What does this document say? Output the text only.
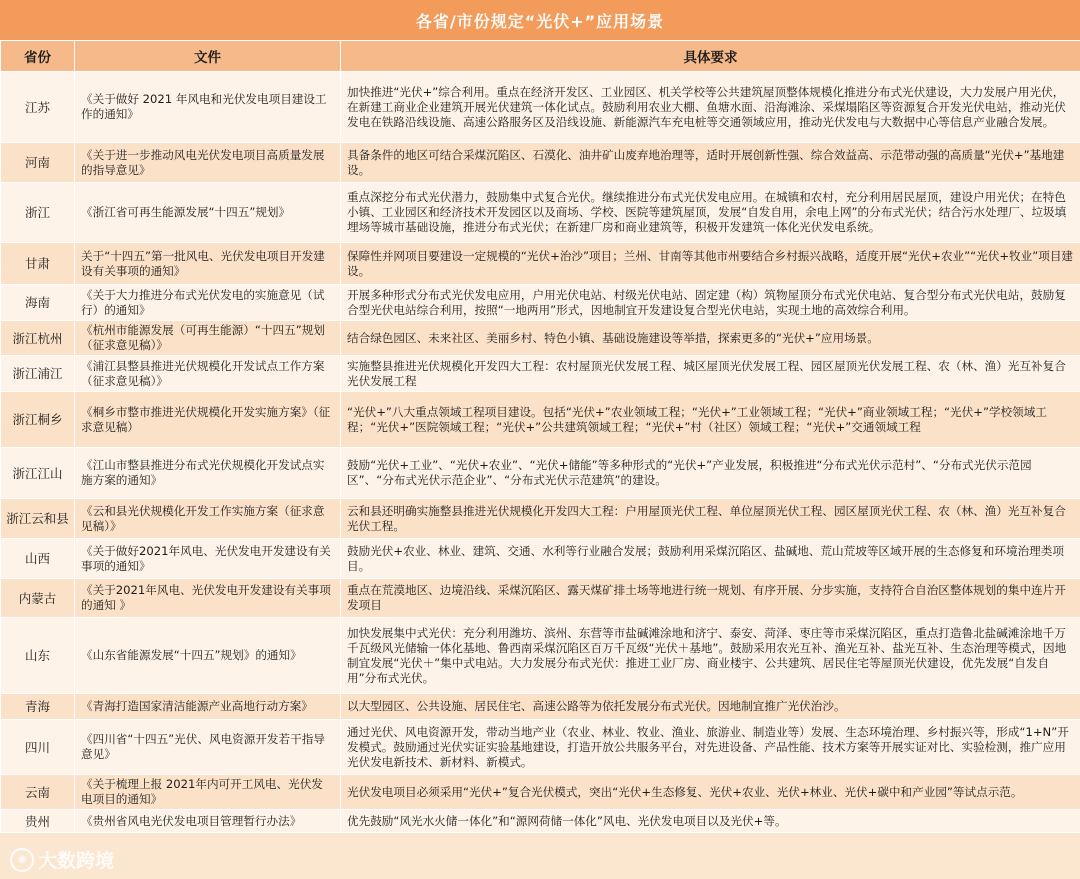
各省/市份规定“光伏+”应用场景
省份	文件	具体要求
江苏	《关于做好 2021 年风电和光伏发电项目建设工作的通知》	加快推进“光伏+”综合利用。重点在经济开发区、工业园区、机关学校等公共建筑屋顶整体规模化推进分布式光伏建设，大力发展户用光伏，在新建工商业企业建筑开展光伏建筑一体化试点。鼓励利用农业大棚、鱼塘水面、沿海滩涂、采煤塌陷区等资源复合开发光伏电站，推动光伏发电在铁路沿线设施、高速公路服务区及沿线设施、新能源汽车充电桩等交通领域应用，推动光伏发电与大数据中心等信息产业融合发展。
河南	《关于进一步推动风电光伏发电项目高质量发展的指导意见》	具备条件的地区可结合采煤沉陷区、石漠化、油井矿山废弃地治理等，适时开展创新性强、综合效益高、示范带动强的高质量“光伏+”基地建设。
浙江	《浙江省可再生能源发展“十四五”规划》	重点深挖分布式光伏潜力，鼓励集中式复合光伏。继续推进分布式光伏发电应用。在城镇和农村，充分利用居民屋顶，建设户用光伏；在特色小镇、工业园区和经济技术开发园区以及商场、学校、医院等建筑屋顶，发展“自发自用，余电上网”的分布式光伏；结合污水处理厂、垃圾填埋场等城市基础设施，推进分布式光伏；在新建厂房和商业建筑等，积极开发建筑一体化光伏发电系统。
甘肃	关于“十四五”第一批风电、光伏发电项目开发建设有关事项的通知》	保障性并网项目要建设一定规模的“光伏+治沙”项目；兰州、甘南等其他市州要结合乡村振兴战略，适度开展“光伏+农业”“光伏+牧业”项目建设。
海南	《关于大力推进分布式光伏发电的实施意见（试行）的通知》	开展多种形式分布式光伏发电应用，户用光伏电站、村级光伏电站、固定建（构）筑物屋顶分布式光伏电站、复合型分布式光伏电站，鼓励复合型光伏电站综合利用，按照“一地两用”形式，因地制宜开发建设复合型光伏电站，实现土地的高效综合利用。
浙江杭州	《杭州市能源发展（可再生能源）“十四五”规划（征求意见稿）》	结合绿色园区、未来社区、美丽乡村、特色小镇、基础设施建设等举措，探索更多的“光伏+”应用场景。
浙江浦江	《浦江县整县推进光伏规模化开发试点工作方案（征求意见稿）》	实施整县推进光伏规模化开发四大工程：农村屋顶光伏发展工程、城区屋顶光伏发展工程、园区屋顶光伏发展工程、农（林、渔）光互补复合光伏发展工程
浙江桐乡	《桐乡市整市推进光伏规模化开发实施方案》（征求意见稿）	“光伏+”八大重点领域工程项目建设。包括“光伏+”农业领域工程；“光伏+”工业领域工程；“光伏+”商业领域工程；“光伏+”学校领域工程；“光伏+”医院领域工程；“光伏+”公共建筑领域工程；“光伏+”村（社区）领域工程；“光伏+”交通领域工程
浙江江山	《江山市整县推进分布式光伏规模化开发试点实施方案的通知》	鼓励“光伏+工业”、“光伏+农业”、“光伏+储能”等多种形式的“光伏+”产业发展，积极推进“分布式光伏示范村”、“分布式光伏示范园区”、“分布式光伏示范企业”、“分布式光伏示范建筑”的建设。
浙江云和县	《云和县光伏规模化开发工作实施方案（征求意见稿）》	云和县还明确实施整县推进光伏规模化开发四大工程：户用屋顶光伏工程、单位屋顶光伏工程、园区屋顶光伏工程、农（林、渔）光互补复合光伏工程。
山西	《关于做好2021年风电、光伏发电开发建设有关事项的通知》	鼓励光伏+农业、林业、建筑、交通、水利等行业融合发展；鼓励利用采煤沉陷区、盐碱地、荒山荒坡等区域开展的生态修复和环境治理类项目。
内蒙古	《关于2021年风电、光伏发电开发建设有关事项的通知 》	重点在荒漠地区、边境沿线、采煤沉陷区、露天煤矿排土场等地进行统一规划、有序开展、分步实施，支持符合自治区整体规划的集中连片开发项目
山东	《山东省能源发展“十四五”规划》的通知》	加快发展集中式光伏：充分利用潍坊、滨州、东营等市盐碱滩涂地和济宁、泰安、菏泽、枣庄等市采煤沉陷区，重点打造鲁北盐碱滩涂地千万千瓦级风光储输一体化基地、鲁西南采煤沉陷区百万千瓦级“光伏＋基地”。鼓励采用农光互补、渔光互补、盐光互补、生态治理等模式，因地制宜发展“光伏＋”集中式电站。大力发展分布式光伏：推进工业厂房、商业楼宇、公共建筑、居民住宅等屋顶光伏建设，优先发展“自发自用”分布式光伏。
青海	《青海打造国家清洁能源产业高地行动方案》	以大型园区、公共设施、居民住宅、高速公路等为依托发展分布式光伏。因地制宜推广光伏治沙。
四川	《四川省“十四五”光伏、风电资源开发若干指导意见》	通过光伏、风电资源开发，带动当地产业（农业、林业、牧业、渔业、旅游业、制造业等）发展、生态环境治理、乡村振兴等，形成“1+N”开发模式。鼓励通过光伏实证实验基地建设，打造开放公共服务平台，对先进设备、产品性能、技术方案等开展实证对比、实验检测，推广应用光伏发电新技术、新材料、新模式。
云南	《关于梳理上报 2021年内可开工风电、光伏发电项目的通知》	光伏发电项目必须采用“光伏+”复合光伏模式，突出“光伏+生态修复、光伏+农业、光伏+林业、光伏+碳中和产业园”等试点示范。
贵州	《贵州省风电光伏发电项目管理暂行办法》	优先鼓励“风光水火储一体化”和“源网荷储一体化”风电、光伏发电项目以及光伏+等。
◉ 大数跨境
